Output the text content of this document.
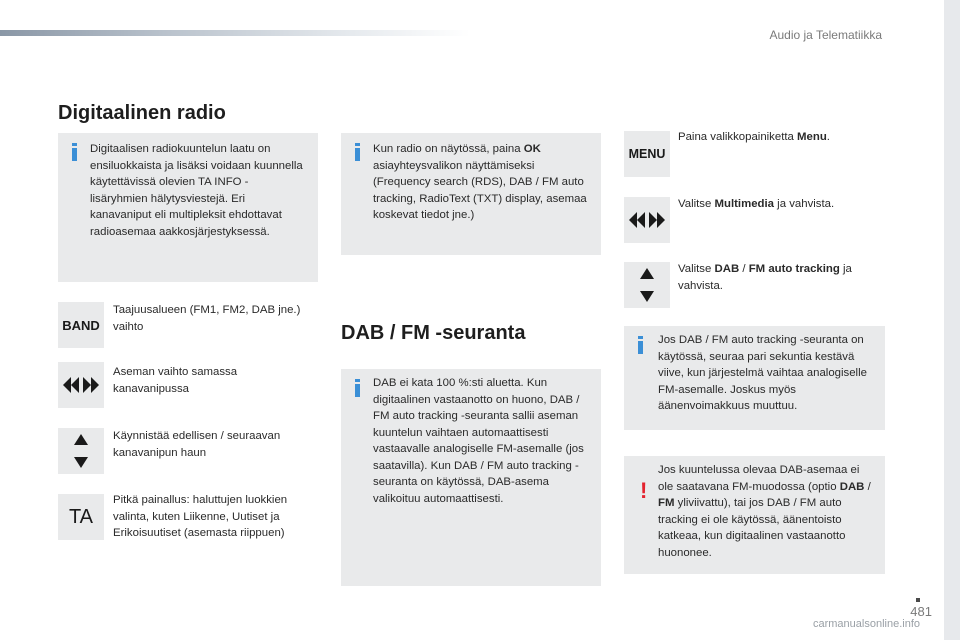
Audio ja Telematiikka
Digitaalinen radio
Digitaalisen radiokuuntelun laatu on ensiluokkaista ja lisäksi voidaan kuunnella käytettävissä olevien TA INFO -lisäryhmien hälytysviestejä. Eri kanavaniput eli multipleksit ehdottavat radioasemaa aakkosjärjestyksessä.
BAND
Taajuusalueen (FM1, FM2, DAB jne.) vaihto
Aseman vaihto samassa kanavanipussa
Käynnistää edellisen / seuraavan kanavanipun haun
TA
Pitkä painallus: haluttujen luokkien valinta, kuten Liikenne, Uutiset ja Erikoisuutiset (asemasta riippuen)
Kun radio on näytössä, paina OK asiayhteysvalikon näyttämiseksi (Frequency search (RDS), DAB / FM auto tracking, RadioText (TXT) display, asemaa koskevat tiedot jne.)
DAB / FM -seuranta
DAB ei kata 100 %:sti aluetta. Kun digitaalinen vastaanotto on huono, DAB / FM auto tracking -seuranta sallii aseman kuuntelun vaihtaen automaattisesti vastaavalle analogiselle FM-asemalle (jos saatavilla). Kun DAB / FM auto tracking -seuranta on käytössä, DAB-asema valikoituu automaattisesti.
MENU
Paina valikkopainiketta Menu.
Valitse Multimedia ja vahvista.
Valitse DAB / FM auto tracking ja vahvista.
Jos DAB / FM auto tracking -seuranta on käytössä, seuraa pari sekuntia kestävä viive, kun järjestelmä vaihtaa analogiselle FM-asemalle. Joskus myös äänenvoimakkuus muuttuu.
!
Jos kuuntelussa olevaa DAB-asemaa ei ole saatavana FM-muodossa (optio DAB / FM yliviivattu), tai jos DAB / FM auto tracking ei ole käytössä, äänentoisto katkeaa, kun digitaalinen vastaanotto huononee.
481
carmanualsonline.info
